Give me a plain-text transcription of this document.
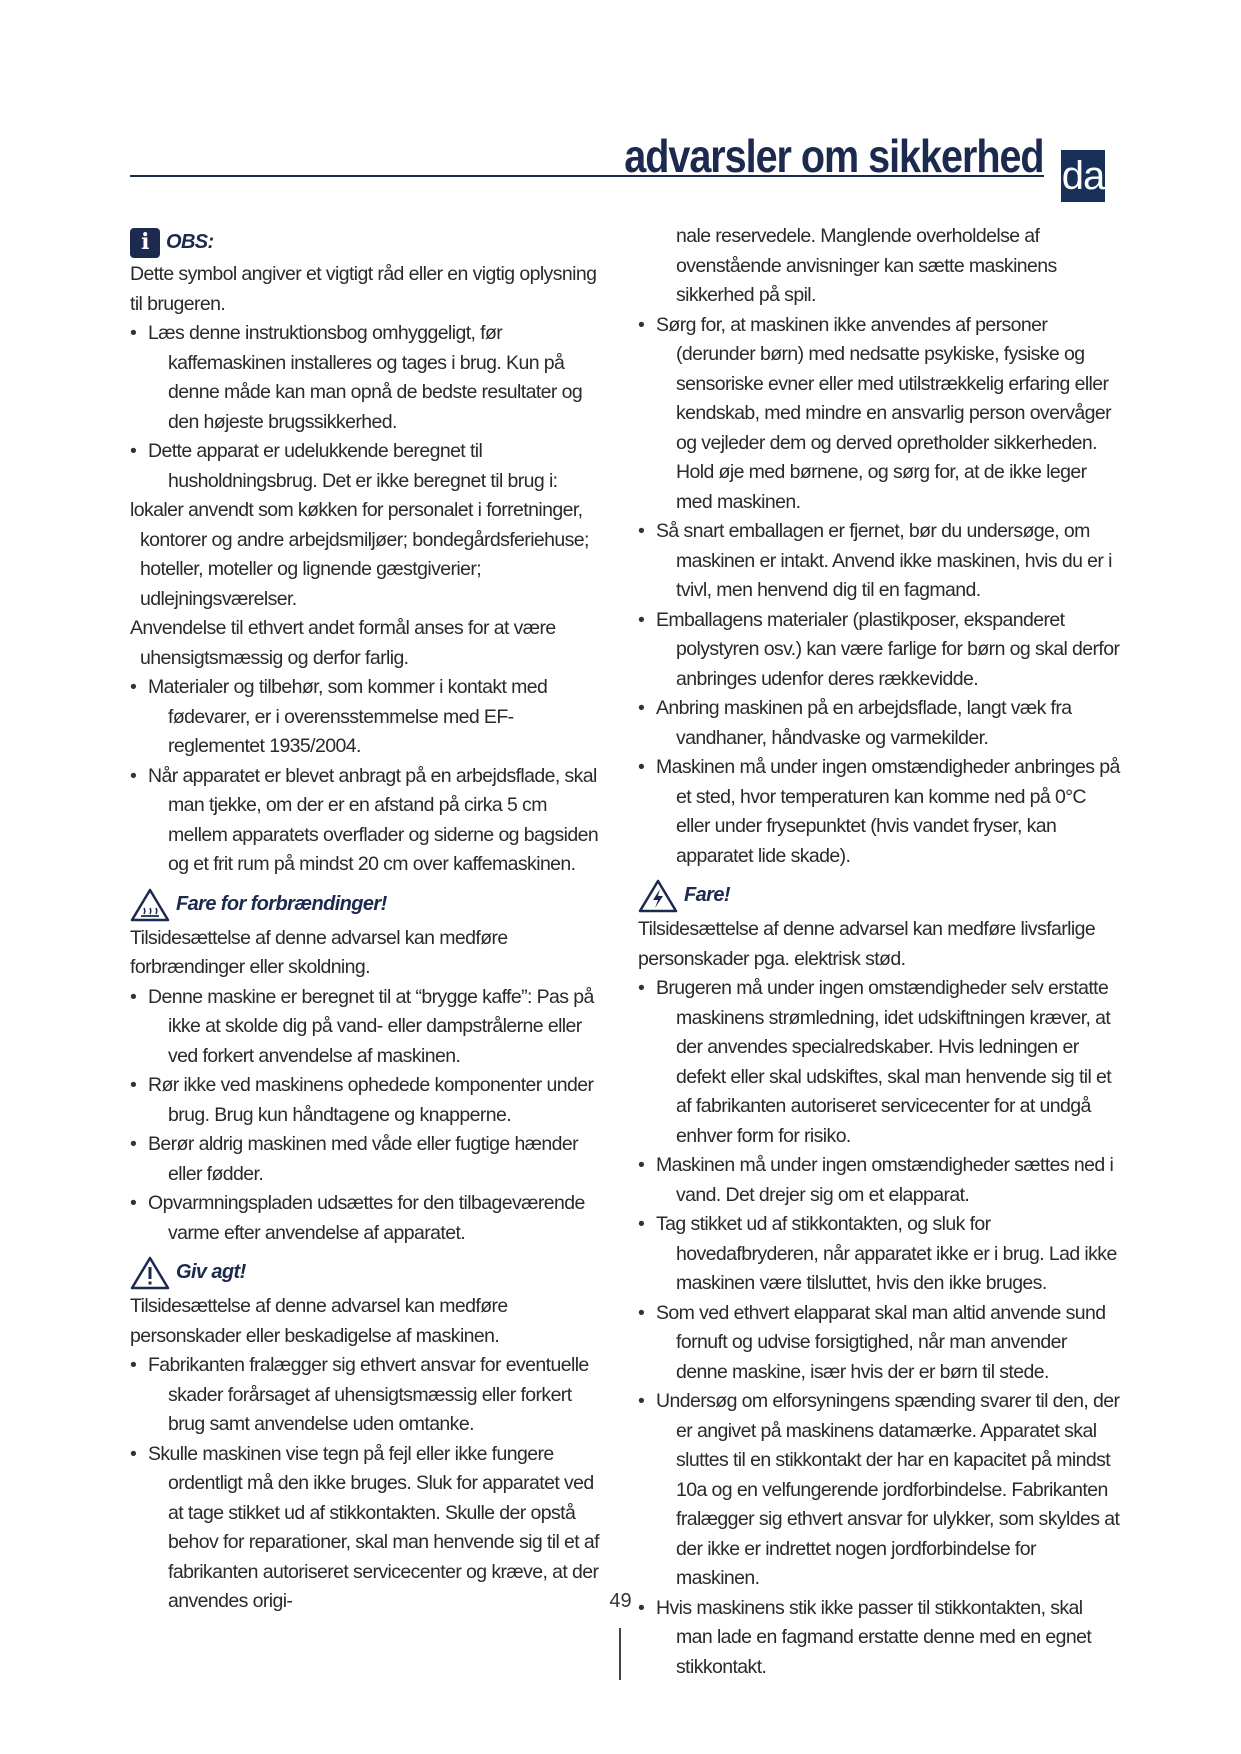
advarsler om sikkerhed da
i OBS:

Dette symbol angiver et vigtigt råd eller en vigtig oplysning til brugeren.

• Læs denne instruktionsbog omhyggeligt, før kaffemaskinen installeres og tages i brug. Kun på denne måde kan man opnå de bedste resultater og den højeste brugssikkerhed.
• Dette apparat er udelukkende beregnet til husholdningsbrug. Det er ikke beregnet til brug i:

lokaler anvendt som køkken for personalet i forretninger, kontorer og andre arbejdsmiljøer; bondegårdsferiehuse; hoteller, moteller og lignende gæstgiverier; udlejningsværelser.

Anvendelse til ethvert andet formål anses for at være uhensigtsmæssig og derfor farlig.

• Materialer og tilbehør, som kommer i kontakt med fødevarer, er i overensstemmelse med EF-reglementet 1935/2004.
• Når apparatet er blevet anbragt på en arbejdsflade, skal man tjekke, om der er en afstand på cirka 5 cm mellem apparatets overflader og siderne og bagsiden og et frit rum på mindst 20 cm over kaffemaskinen.
Fare for forbrændinger!

Tilsidesættelse af denne advarsel kan medføre forbrændinger eller skoldning.

• Denne maskine er beregnet til at “brygge kaffe”: Pas på ikke at skolde dig på vand- eller dampstrålerne eller ved forkert anvendelse af maskinen.
• Rør ikke ved maskinens ophedede komponenter under brug. Brug kun håndtagene og knapperne.
• Berør aldrig maskinen med våde eller fugtige hænder eller fødder.
• Opvarmningspladen udsættes for den tilbageværende varme efter anvendelse af apparatet.
Giv agt!

Tilsidesættelse af denne advarsel kan medføre personskader eller beskadigelse af maskinen.

• Fabrikanten fralægger sig ethvert ansvar for eventuelle skader forårsaget af uhensigtsmæssig eller forkert brug samt anvendelse uden omtanke.
• Skulle maskinen vise tegn på fejl eller ikke fungere ordentligt må den ikke bruges. Sluk for apparatet ved at tage stikket ud af stikkontakten. Skulle der opstå behov for reparationer, skal man henvende sig til et af fabrikanten autoriseret servicecenter og kræve, at der anvendes origi-

nale reservedele. Manglende overholdelse af ovenstående anvisninger kan sætte maskinens sikkerhed på spil.

• Sørg for, at maskinen ikke anvendes af personer (derunder børn) med nedsatte psykiske, fysiske og sensoriske evner eller med utilstrækkelig erfaring eller kendskab, med mindre en ansvarlig person overvåger og vejleder dem og derved opretholder sikkerheden. Hold øje med børnene, og sørg for, at de ikke leger med maskinen.
• Så snart emballagen er fjernet, bør du undersøge, om maskinen er intakt. Anvend ikke maskinen, hvis du er i tvivl, men henvend dig til en fagmand.
• Emballagens materialer (plastikposer, ekspanderet polystyren osv.) kan være farlige for børn og skal derfor anbringes udenfor deres rækkevidde.
• Anbring maskinen på en arbejdsflade, langt væk fra vandhaner, håndvaske og varmekilder.
• Maskinen må under ingen omstændigheder anbringes på et sted, hvor temperaturen kan komme ned på 0°C eller under frysepunktet (hvis vandet fryser, kan apparatet lide skade).
Fare!

Tilsidesættelse af denne advarsel kan medføre livsfarlige personskader pga. elektrisk stød.

• Brugeren må under ingen omstændigheder selv erstatte maskinens strømledning, idet udskiftningen kræver, at der anvendes specialredskaber. Hvis ledningen er defekt eller skal udskiftes, skal man henvende sig til et af fabrikanten autoriseret servicecenter for at undgå enhver form for risiko.
• Maskinen må under ingen omstændigheder sættes ned i vand. Det drejer sig om et elapparat.
• Tag stikket ud af stikkontakten, og sluk for hovedafbryderen, når apparatet ikke er i brug. Lad ikke maskinen være tilsluttet, hvis den ikke bruges.
• Som ved ethvert elapparat skal man altid anvende sund fornuft og udvise forsigtighed, når man anvender denne maskine, især hvis der er børn til stede.
• Undersøg om elforsyningens spænding svarer til den, der er angivet på maskinens datamærke. Apparatet skal sluttes til en stikkontakt der har en kapacitet på mindst 10a og en velfungerende jordforbindelse. Fabrikanten fralægger sig ethvert ansvar for ulykker, som skyldes at der ikke er indrettet nogen jordforbindelse for maskinen.
• Hvis maskinens stik ikke passer til stikkontakten, skal man lade en fagmand erstatte denne med en egnet stikkontakt.
49
